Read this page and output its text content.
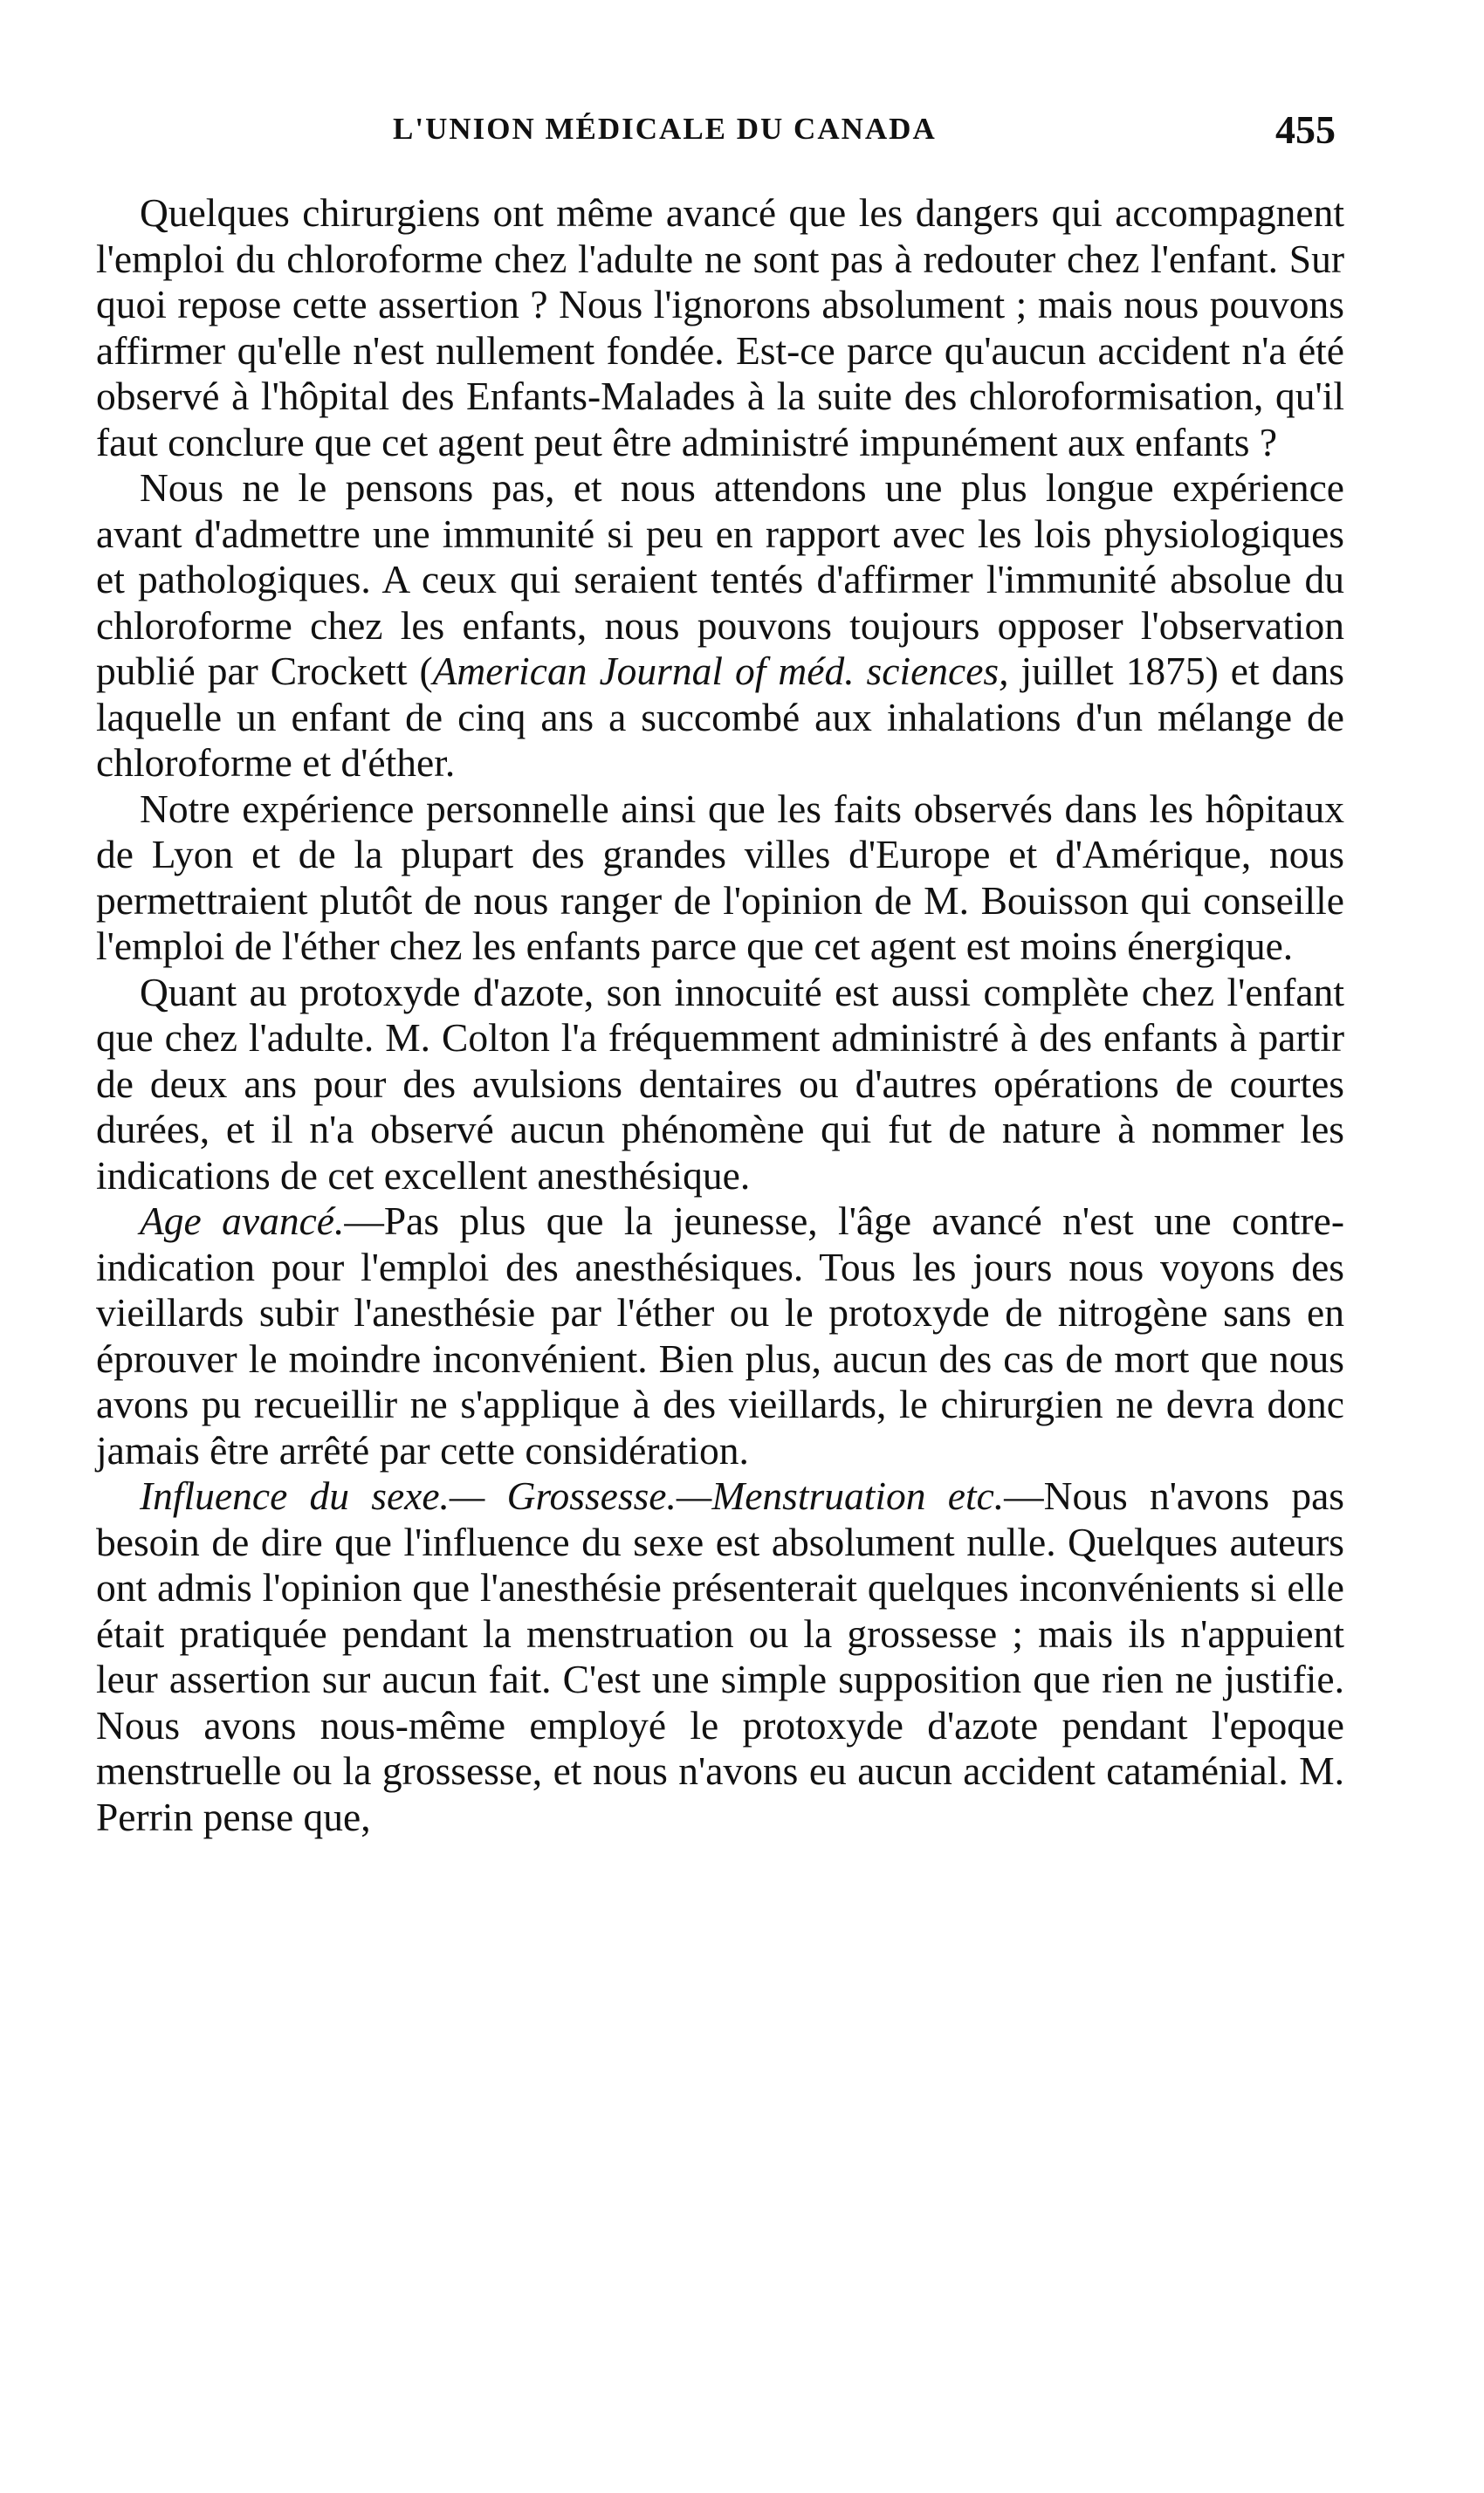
L'UNION MÉDICALE DU CANADA	455

Quelques chirurgiens ont même avancé que les dangers qui accompagnent l'emploi du chloroforme chez l'adulte ne sont pas à redouter chez l'enfant. Sur quoi repose cette assertion ? Nous l'ignorons absolument ; mais nous pouvons affirmer qu'elle n'est nullement fondée. Est-ce parce qu'aucun accident n'a été observé à l'hôpital des Enfants-Malades à la suite des chloroformisation, qu'il faut conclure que cet agent peut être administré impunément aux enfants ?

Nous ne le pensons pas, et nous attendons une plus longue expérience avant d'admettre une immunité si peu en rapport avec les lois physiologiques et pathologiques. A ceux qui seraient tentés d'affirmer l'immunité absolue du chloroforme chez les enfants, nous pouvons toujours opposer l'observation publié par Crockett (American Journal of méd. sciences, juillet 1875) et dans laquelle un enfant de cinq ans a succombé aux inhalations d'un mélange de chloroforme et d'éther.

Notre expérience personnelle ainsi que les faits observés dans les hôpitaux de Lyon et de la plupart des grandes villes d'Europe et d'Amérique, nous permettraient plutôt de nous ranger de l'opinion de M. Bouisson qui conseille l'emploi de l'éther chez les enfants parce que cet agent est moins énergique.

Quant au protoxyde d'azote, son innocuité est aussi complète chez l'enfant que chez l'adulte. M. Colton l'a fréquemment administré à des enfants à partir de deux ans pour des avulsions dentaires ou d'autres opérations de courtes durées, et il n'a observé aucun phénomène qui fut de nature à nommer les indications de cet excellent anesthésique.

Age avancé.—Pas plus que la jeunesse, l'âge avancé n'est une contre-indication pour l'emploi des anesthésiques. Tous les jours nous voyons des vieillards subir l'anesthésie par l'éther ou le protoxyde de nitrogène sans en éprouver le moindre inconvénient. Bien plus, aucun des cas de mort que nous avons pu recueillir ne s'applique à des vieillards, le chirurgien ne devra donc jamais être arrêté par cette considération.

Influence du sexe.— Grossesse.—Menstruation etc.—Nous n'avons pas besoin de dire que l'influence du sexe est absolument nulle. Quelques auteurs ont admis l'opinion que l'anesthésie présenterait quelques inconvénients si elle était pratiquée pendant la menstruation ou la grossesse ; mais ils n'appuient leur assertion sur aucun fait. C'est une simple supposition que rien ne justifie. Nous avons nous-même employé le protoxyde d'azote pendant l'epoque menstruelle ou la grossesse, et nous n'avons eu aucun accident cataménial. M. Perrin pense que,
